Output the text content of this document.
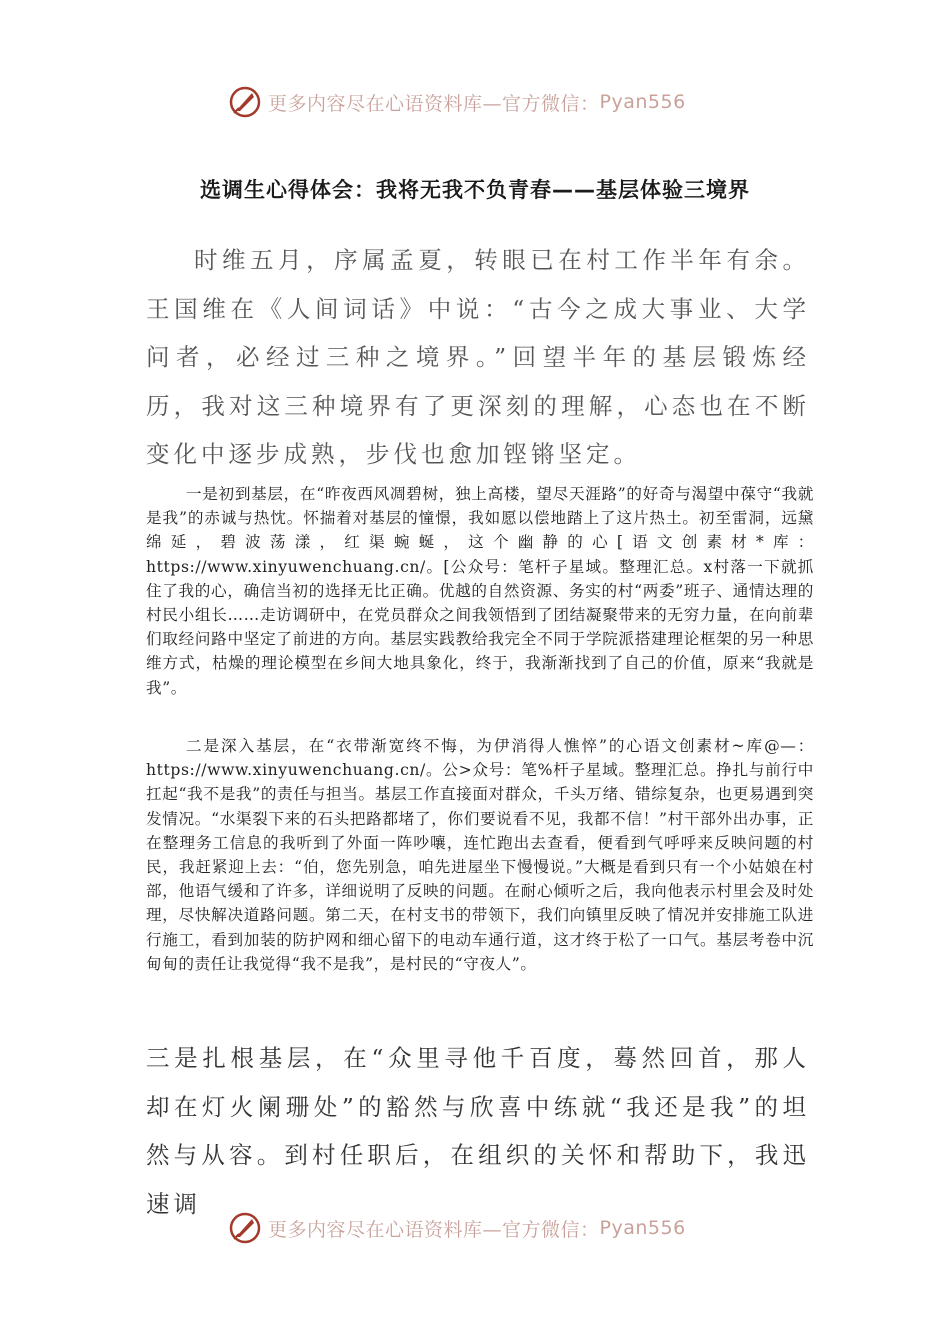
更多内容尽在心语资料库—官方微信： Pyan556
选调生心得体会：我将无我不负青春——基层体验三境界
时维五月，序属孟夏，转眼已在村工作半年有余。王国维在《人间词话》中说：“古今之成大事业、大学问者，必经过三种之境界。”回望半年的基层锻炼经历，我对这三种境界有了更深刻的理解，心态也在不断变化中逐步成熟，步伐也愈加铿锵坚定。
一是初到基层，在“昨夜西风凋碧树，独上高楼，望尽天涯路”的好奇与渴望中葆守“我就是我”的赤诚与热忱。怀揣着对基层的憧憬，我如愿以偿地踏上了这片热土。初至雷洞，远黛绵延，碧波荡漾，红渠蜿蜒，这个幽静的心[语文创素材*库：https://www.xinyuwenchuang.cn/。[公众号：笔杆子星域。整理汇总。x村落一下就抓住了我的心，确信当初的选择无比正确。优越的自然资源、务实的村“两委”班子、通情达理的村民小组长……走访调研中，在党员群众之间我领悟到了团结凝聚带来的无穷力量，在向前辈们取经问路中坚定了前进的方向。基层实践教给我完全不同于学院派搭建理论框架的另一种思维方式，枯燥的理论模型在乡间大地具象化，终于，我渐渐找到了自己的价值，原来“我就是我”。
二是深入基层，在“衣带渐宽终不悔，为伊消得人憔悴”的心语文创素材~库@—：https://www.xinyuwenchuang.cn/。公>众号：笔%杆子星域。整理汇总。挣扎与前行中扛起“我不是我”的责任与担当。基层工作直接面对群众，千头万绪、错综复杂，也更易遇到突发情况。“水渠裂下来的石头把路都堵了，你们要说看不见，我都不信！”村干部外出办事，正在整理务工信息的我听到了外面一阵吵嚷，连忙跑出去查看，便看到气呼呼来反映问题的村民，我赶紧迎上去：“伯，您先别急，咱先进屋坐下慢慢说。”大概是看到只有一个小姑娘在村部，他语气缓和了许多，详细说明了反映的问题。在耐心倾听之后，我向他表示村里会及时处理，尽快解决道路问题。第二天，在村支书的带领下，我们向镇里反映了情况并安排施工队进行施工，看到加装的防护网和细心留下的电动车通行道，这才终于松了一口气。基层考卷中沉甸甸的责任让我觉得“我不是我”，是村民的“守夜人”。
三是扎根基层，在“众里寻他千百度，蓦然回首，那人却在灯火阑珊处”的豁然与欣喜中练就“我还是我”的坦然与从容。到村任职后，在组织的关怀和帮助下，我迅速调
更多内容尽在心语资料库—官方微信： Pyan556
